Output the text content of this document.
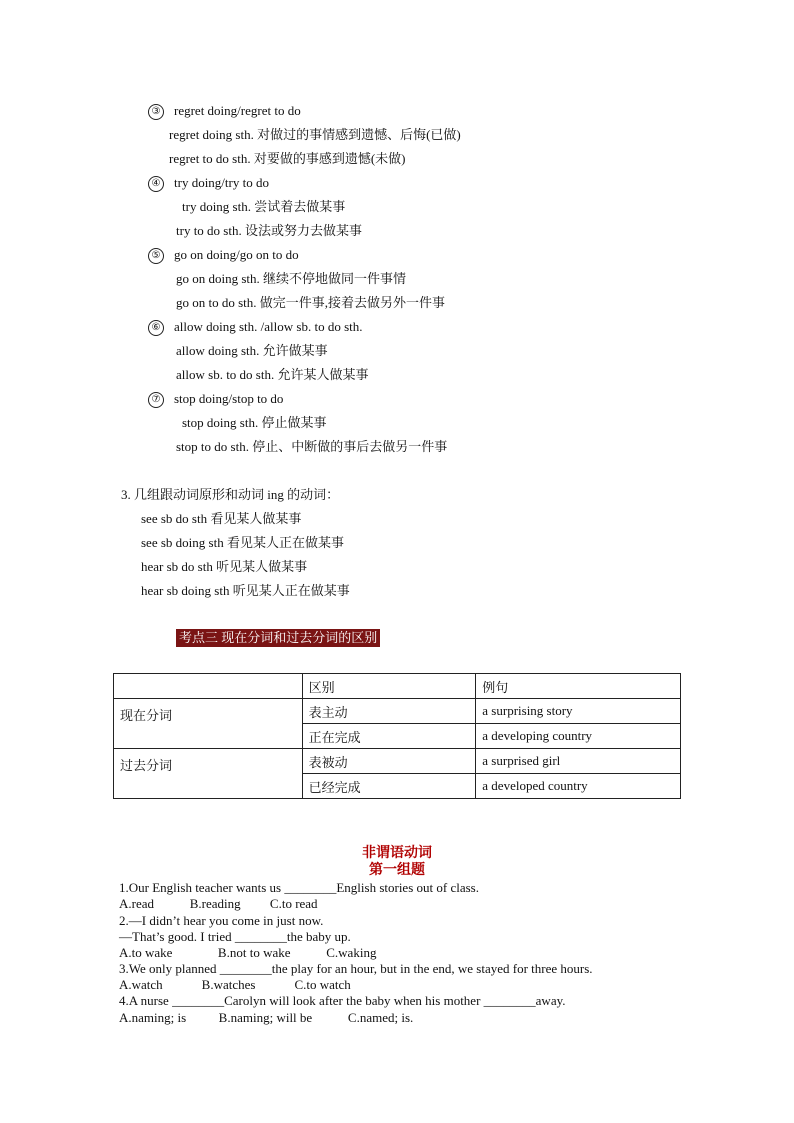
③ regret doing/regret to do
regret doing sth. 对做过的事情感到遗憾、后悔(已做)
regret to do sth. 对要做的事感到遗憾(未做)
④ try doing/try to do
try doing sth. 尝试着去做某事
try to do sth. 设法或努力去做某事
⑤ go on doing/go on to do
go on doing sth. 继续不停地做同一件事情
go on to do sth. 做完一件事,接着去做另外一件事
⑥ allow doing sth. /allow sb. to do sth.
allow doing sth. 允许做某事
allow sb. to do sth. 允许某人做某事
⑦ stop doing/stop to do
stop doing sth. 停止做某事
stop to do sth. 停止、中断做的事后去做另一件事
3. 几组跟动词原形和动词 ing 的动词：
see sb do sth 看见某人做某事
see sb doing sth 看见某人正在做某事
hear sb do sth 听见某人做某事
hear sb doing sth 听见某人正在做某事
考点三 现在分词和过去分词的区别
	区别	例句
现在分词	表主动	a surprising story
	正在完成	a developing country
过去分词	表被动	a surprised girl
	已经完成	a developed country
非谓语动词
第一组题
1.Our English teacher wants us ________English stories out of class.
A.read           B.reading         C.to read
2.—I didn’t hear you come in just now.
—That’s good. I tried ________the baby up.
A.to wake              B.not to wake           C.waking
3.We only planned ________the play for an hour, but in the end, we stayed for three hours.
A.watch            B.watches            C.to watch
4.A nurse ________Carolyn will look after the baby when his mother ________away.
A.naming; is          B.naming; will be           C.named; is.
